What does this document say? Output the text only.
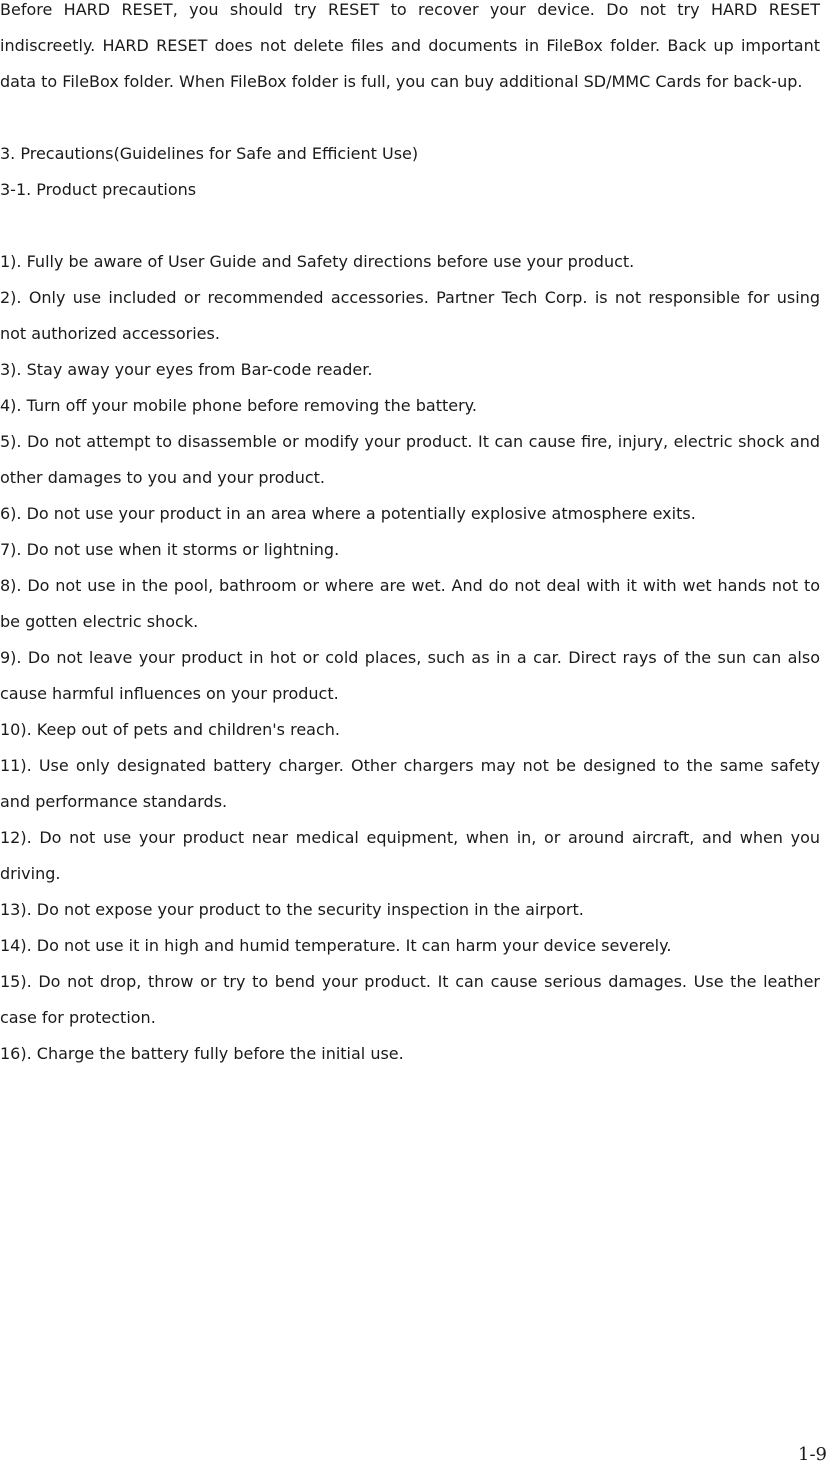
Before HARD RESET, you should try RESET to recover your device. Do not try HARD RESET indiscreetly. HARD RESET does not delete files and documents in FileBox folder. Back up important data to FileBox folder. When FileBox folder is full, you can buy additional SD/MMC Cards for back-up.

3. Precautions(Guidelines for Safe and Efficient Use)
3-1. Product precautions
1). Fully be aware of User Guide and Safety directions before use your product.
2). Only use included or recommended accessories. Partner Tech Corp. is not responsible for using not authorized accessories.
3). Stay away your eyes from Bar-code reader.
4). Turn off your mobile phone before removing the battery.
5). Do not attempt to disassemble or modify your product. It can cause fire, injury, electric shock and other damages to you and your product.
6). Do not use your product in an area where a potentially explosive atmosphere exits.
7). Do not use when it storms or lightning.
8). Do not use in the pool, bathroom or where are wet. And do not deal with it with wet hands not to be gotten electric shock.
9). Do not leave your product in hot or cold places, such as in a car. Direct rays of the sun can also cause harmful influences on your product.
10). Keep out of pets and children's reach.
11). Use only designated battery charger. Other chargers may not be designed to the same safety and performance standards.
12). Do not use your product near medical equipment, when in, or around aircraft, and when you driving.
13). Do not expose your product to the security inspection in the airport.
14). Do not use it in high and humid temperature. It can harm your device severely.
15). Do not drop, throw or try to bend your product. It can cause serious damages. Use the leather case for protection.
16). Charge the battery fully before the initial use.
1-9
